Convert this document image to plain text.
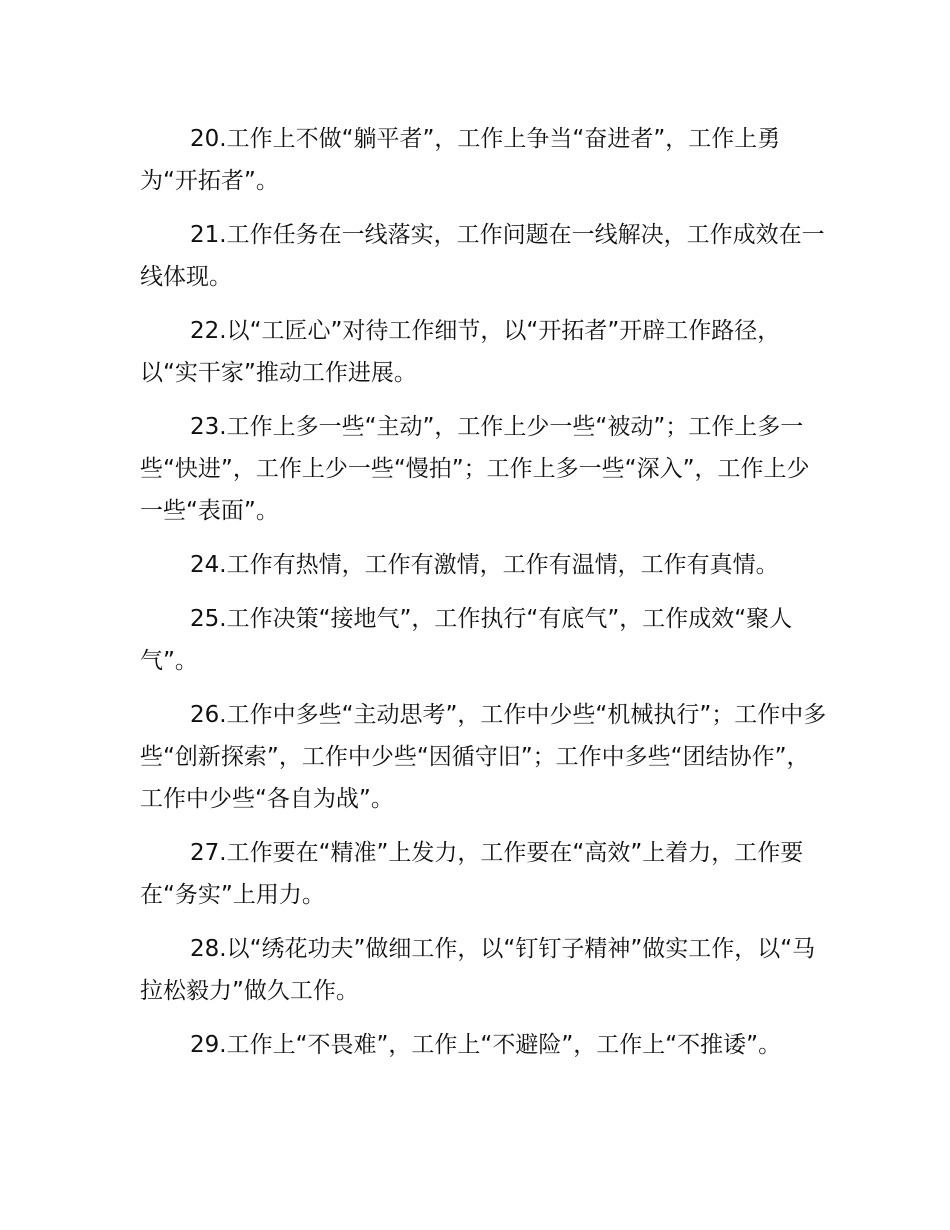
20.工作上不做“躺平者”，工作上争当“奋进者”，工作上勇为“开拓者”。

21.工作任务在一线落实，工作问题在一线解决，工作成效在一线体现。

22.以“工匠心”对待工作细节，以“开拓者”开辟工作路径，以“实干家”推动工作进展。

23.工作上多一些“主动”，工作上少一些“被动”；工作上多一些“快进”，工作上少一些“慢拍”；工作上多一些“深入”，工作上少一些“表面”。

24.工作有热情，工作有激情，工作有温情，工作有真情。

25.工作决策“接地气”，工作执行“有底气”，工作成效“聚人气”。

26.工作中多些“主动思考”，工作中少些“机械执行”；工作中多些“创新探索”，工作中少些“因循守旧”；工作中多些“团结协作”，工作中少些“各自为战”。

27.工作要在“精准”上发力，工作要在“高效”上着力，工作要在“务实”上用力。

28.以“绣花功夫”做细工作，以“钉钉子精神”做实工作，以“马拉松毅力”做久工作。

29.工作上“不畏难”，工作上“不避险”，工作上“不推诿”。
